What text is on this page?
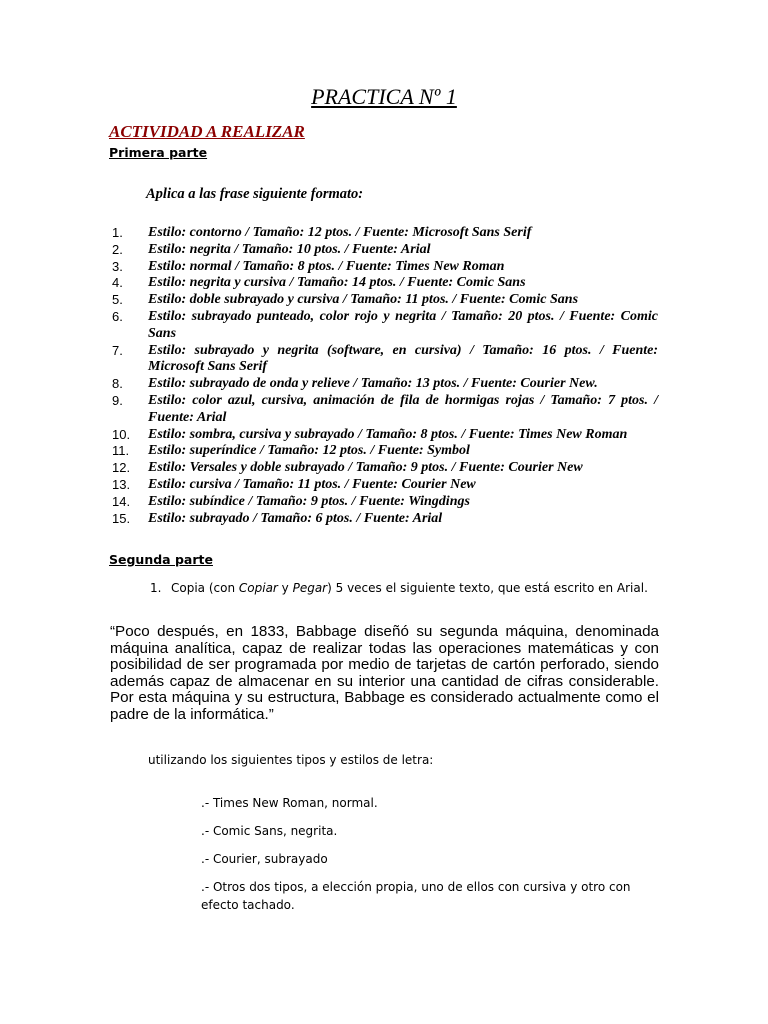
PRACTICA Nº 1
ACTIVIDAD A REALIZAR
Primera parte
Aplica a las frase siguiente formato:
1.	Estilo: contorno / Tamaño: 12 ptos. / Fuente: Microsoft Sans Serif
2.	Estilo: negrita / Tamaño: 10 ptos. / Fuente: Arial
3.	Estilo: normal / Tamaño: 8 ptos. / Fuente: Times New Roman
4.	Estilo: negrita y cursiva / Tamaño: 14 ptos. / Fuente: Comic Sans
5.	Estilo: doble subrayado y cursiva / Tamaño: 11 ptos. / Fuente: Comic Sans
6.	Estilo: subrayado punteado, color rojo y negrita / Tamaño: 20 ptos. / Fuente: Comic Sans
7.	Estilo: subrayado y negrita (software, en cursiva) / Tamaño: 16 ptos. / Fuente: Microsoft Sans Serif
8.	Estilo: subrayado de onda y relieve / Tamaño: 13 ptos. / Fuente: Courier New.
9.	Estilo: color azul, cursiva, animación de fila de hormigas rojas / Tamaño: 7 ptos. / Fuente: Arial
10.	Estilo: sombra, cursiva y subrayado / Tamaño: 8 ptos. / Fuente: Times New Roman
11.	Estilo: superíndice / Tamaño: 12 ptos. / Fuente: Symbol
12.	Estilo: Versales y doble subrayado / Tamaño: 9 ptos. / Fuente: Courier New
13.	Estilo: cursiva / Tamaño: 11 ptos. / Fuente: Courier New
14.	Estilo: subíndice / Tamaño: 9 ptos. / Fuente: Wingdings
15.	Estilo: subrayado / Tamaño: 6 ptos. / Fuente: Arial
Segunda parte
1. Copia (con Copiar y Pegar) 5 veces el siguiente texto, que está escrito en Arial.
“Poco después, en 1833, Babbage diseñó su segunda máquina, denominada máquina analítica, capaz de realizar todas las operaciones matemáticas y con posibilidad de ser programada por medio de tarjetas de cartón perforado, siendo además capaz de almacenar en su interior una cantidad de cifras considerable. Por esta máquina y su estructura, Babbage es considerado actualmente como el padre de la informática.”
utilizando los siguientes tipos y estilos de letra:
.- Times New Roman, normal.
.- Comic Sans, negrita.
.- Courier, subrayado
.- Otros dos tipos, a elección propia, uno de ellos con cursiva y otro con efecto tachado.
